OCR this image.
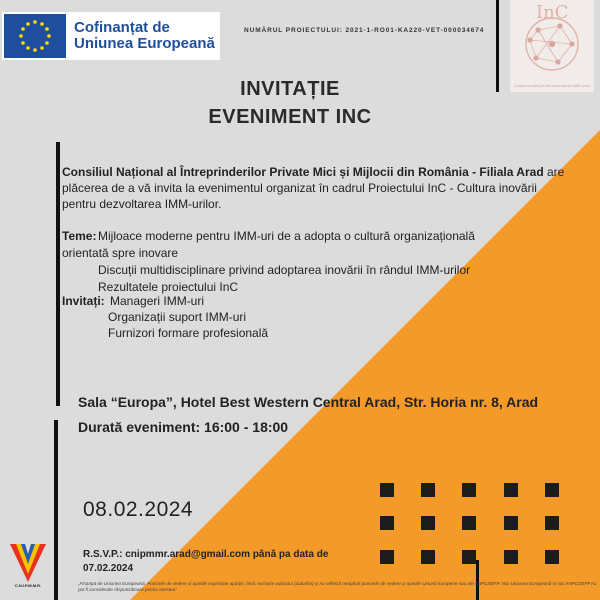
Cofinanțat de
Uniunea Europeană
NUMĂRUL PROIECTULUI: 2021-1-RO01-KA220-VET-000034674
InC
Cultura inovării pentru dezvoltarea IMM-urilor
INVITAȚIE
EVENIMENT INC
Consiliul Național al Întreprinderilor Private Mici și Mijlocii din România - Filiala Arad are plăcerea de a vă invita la evenimentul organizat în cadrul Proiectului InC - Cultura inovării pentru dezvoltarea IMM-urilor.
Teme: Mijloace moderne pentru IMM-uri de a adopta o cultură organizațională
orientată spre inovare
Discuții multidisciplinare privind adoptarea inovării în rândul IMM-urilor
Rezultatele proiectului InC
Invitați: Manageri IMM-uri
Organizații suport IMM-uri
Furnizori formare profesională
Sala “Europa”, Hotel Best Western Central Arad, Str. Horia nr. 8, Arad
Durată eveniment: 16:00 - 18:00
08.02.2024
R.S.V.P.: cnipmmr.arad@gmail.com până pa data de
07.02.2024
C.N.I.P.M.M.R.	„Finanțat de Uniunea Europeană. Punctele de vedere și opiniile exprimate aparțin, însă, exclusiv autorului (autorilor) și nu reflectă neapărat punctele de vedere și opiniile Uniunii Europene sau ale ANPCDEFP. Nici Uniunea Europeană și nici ANPCDEFP nu pot fi considerate răspunzătoare pentru acestea”
